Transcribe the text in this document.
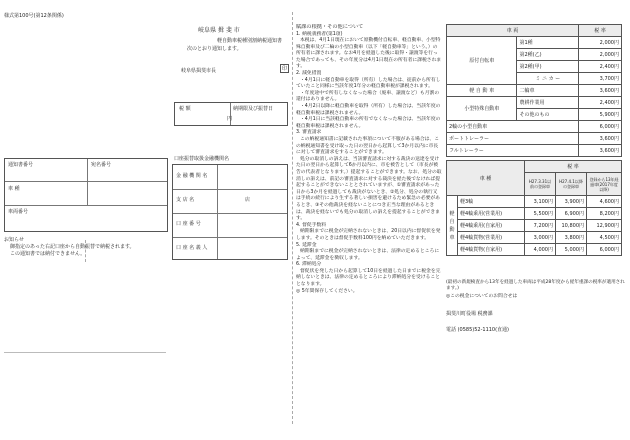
様式第100号(第12条関係)
岐阜県 揖 斐 市
軽自動車税種別割納税通知書
次のとおり通知します。
岐阜県揖斐市長	印
税 額	納期限及び振替日
円
通知書番号	宛名番号
車 種
車両番号
お知らせ
御指定のあった右記口座から自動振替で納税されます。
この通知書では納付できません。
口座振替取扱金融機関名
金 融 機 関 名
支 店 名	店
口 座 番 号
口 座 名 義 人
賦課の根拠・その他について
1. 納税義務者(第1項)
本税は、4月1日現在において原動機付自転車、軽自動車、小型特殊自動車及び二輪の小型自動車（以下「軽自動車等」という。）の所有者に課されます。なお4月を経過した後に取得・譲渡等を行った場合であっても、その年度分は4月1日現在の所有者に課税されます。
2. 減免措置
・4月1日に軽自動車を取得（所有）した場合は、従前から所有していたこと同様に当該年度1年分の軽自動車税が課税されます。
・年度途中で所有しなくなった場合（廃車、譲渡など）も月割の還付はありません。
・4月2日以降に軽自動車を取得（所有）した場合は、当該年度の軽自動車税は課税されません。
・4月1日に当該軽自動車の所有でなくなった場合は、当該年度の軽自動車税は課税されません。
3. 審査請求
この納税通知書に記載された事項について不服がある場合は、この納税通知書を受け取った日の翌日から起算して3か月以内に市長に対して審査請求をすることができます。
処分の取消しの訴えは、当該審査請求に対する裁決の送達を受けた日の翌日から起算して6か月以内に、市を被告として（市長が被告の代表者となります。）提起することができます。なお、処分の取消しの訴えは、前記の審査請求に対する裁決を経た後でなければ提起することができないこととされていますが、①審査請求があった日から3か月を経過しても裁決がないとき、②処分、処分の執行又は手続の続行により生ずる著しい損害を避けるため緊急の必要があるとき、③その他裁決を経ないことにつき正当な理由があるときは、裁決を経ないでも処分の取消しの訴えを提起することができます。
4. 督促手数料
納期限までに税金が完納されないときは、20日以内に督促状を発します。そのときは督促手数料100円を納めていただきます。
5. 延滞金
納期限までに税金が完納されないときは、法律の定めるところによって、延滞金を徴収します。
6. 滞納処分
督促状を発した日から起算して10日を経過した日までに税金を完納しないときは、法律の定めるところにより滞納処分を受けることとなります。
◎ 5年間保存してください。
車 両		税 率
原付自転車	第1種	2,000円
	第2種(乙)	2,000円
	第2種(甲)	2,400円
	ミ ニ カ ー	3,700円
軽 自 動 車	二輪車	3,600円
小型特殊自動車	農耕作業用	2,400円
	その他のもの	5,900円
2輪の小型自動車		6,000円
ボートトレーラー		3,600円
フルトレーラー		3,600円
車 種		税 率		
		H27.3.31以前の登録車	H27.4.1以降の登録車	登録から13年経過車(2017年度以降)
軽自動車	軽3輪	3,100円	3,900円	4,600円
	軽4輪乗用(営業用)	5,500円	6,900円	8,200円
	軽4輪乗用(自家用)	7,200円	10,800円	12,900円
	軽4輪貨物(営業用)	3,000円	3,800円	4,500円
	軽4輪貨物(自家用)	4,000円	5,000円	6,000円
(最初の新規検査から13年を経過した車両は平成28年度から経年重課の税率が適用されます。)
◎この税金についてのお問合せは
揖斐川町役場 税務課
電話 (0585)52-1110(直通)
